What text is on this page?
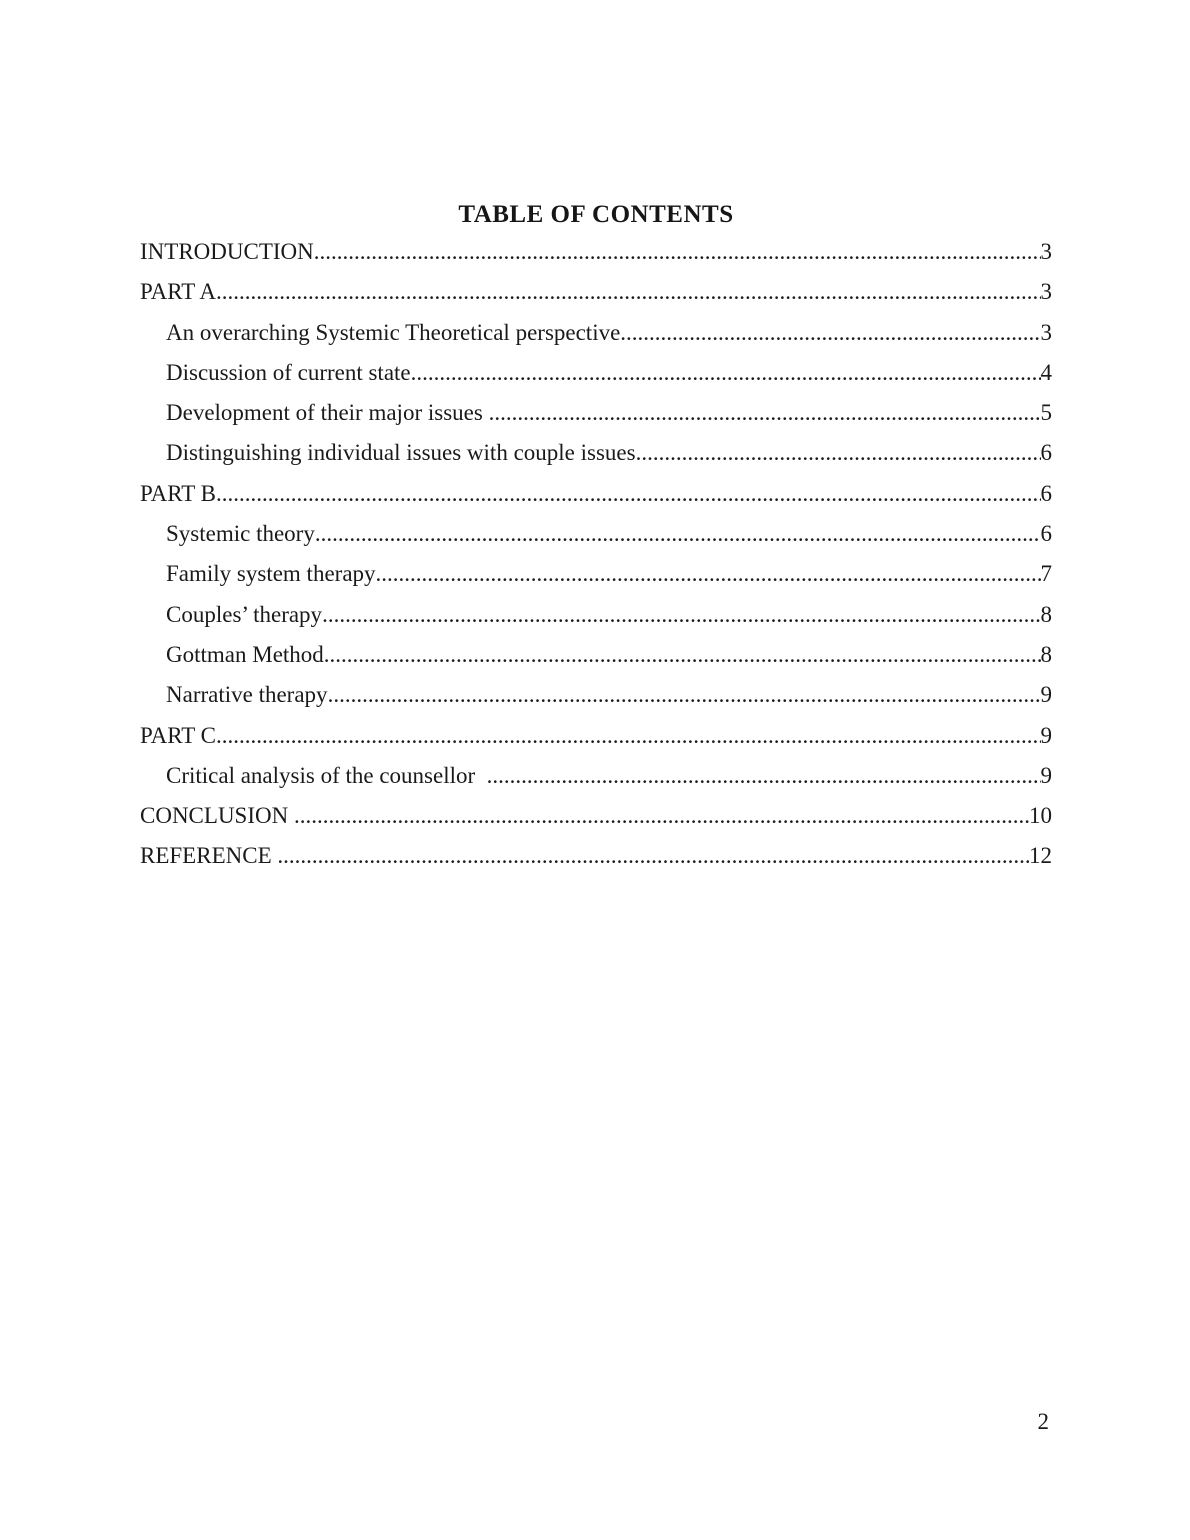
TABLE OF CONTENTS
INTRODUCTION .....	3
PART A .....	3
An overarching Systemic Theoretical perspective .....	3
Discussion of current state .....	4
Development of their major issues .....	5
Distinguishing individual issues with couple issues .....	6
PART B .....	6
Systemic theory .....	6
Family system therapy .....	7
Couples’ therapy .....	8
Gottman Method .....	8
Narrative therapy .....	9
PART C .....	9
Critical analysis of the counsellor .....	9
CONCLUSION .....	10
REFERENCE .....	12
2
